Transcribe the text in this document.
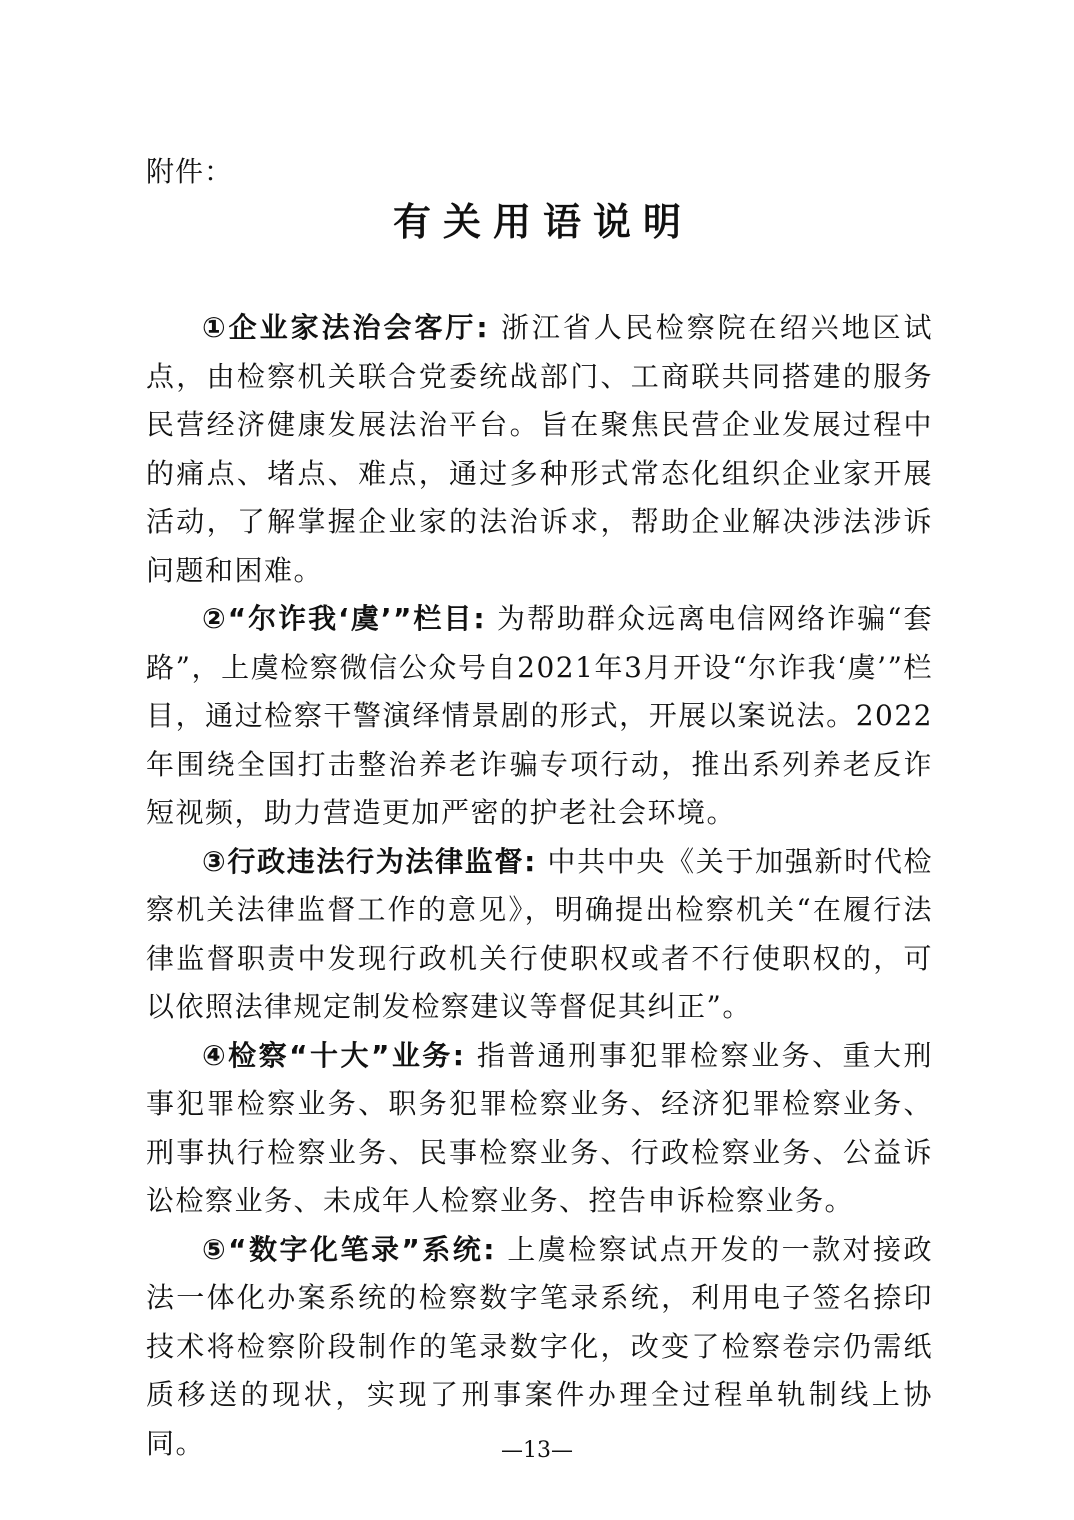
附件：
有关用语说明

①企业家法治会客厅: 浙江省人民检察院在绍兴地区试点，由检察机关联合党委统战部门、工商联共同搭建的服务民营经济健康发展法治平台。旨在聚焦民营企业发展过程中的痛点、堵点、难点，通过多种形式常态化组织企业家开展活动，了解掌握企业家的法治诉求，帮助企业解决涉法涉诉问题和困难。

②“尔诈我‘虞’”栏目: 为帮助群众远离电信网络诈骗“套路”，上虞检察微信公众号自2021年3月开设“尔诈我‘虞’”栏目，通过检察干警演绎情景剧的形式，开展以案说法。2022年围绕全国打击整治养老诈骗专项行动，推出系列养老反诈短视频，助力营造更加严密的护老社会环境。

③行政违法行为法律监督: 中共中央《关于加强新时代检察机关法律监督工作的意见》，明确提出检察机关“在履行法律监督职责中发现行政机关行使职权或者不行使职权的，可以依照法律规定制发检察建议等督促其纠正”。

④检察“十大”业务: 指普通刑事犯罪检察业务、重大刑事犯罪检察业务、职务犯罪检察业务、经济犯罪检察业务、刑事执行检察业务、民事检察业务、行政检察业务、公益诉讼检察业务、未成年人检察业务、控告申诉检察业务。

⑤“数字化笔录”系统: 上虞检察试点开发的一款对接政法一体化办案系统的检察数字笔录系统，利用电子签名捺印技术将检察阶段制作的笔录数字化，改变了检察卷宗仍需纸质移送的现状，实现了刑事案件办理全过程单轨制线上协同。	—13—
